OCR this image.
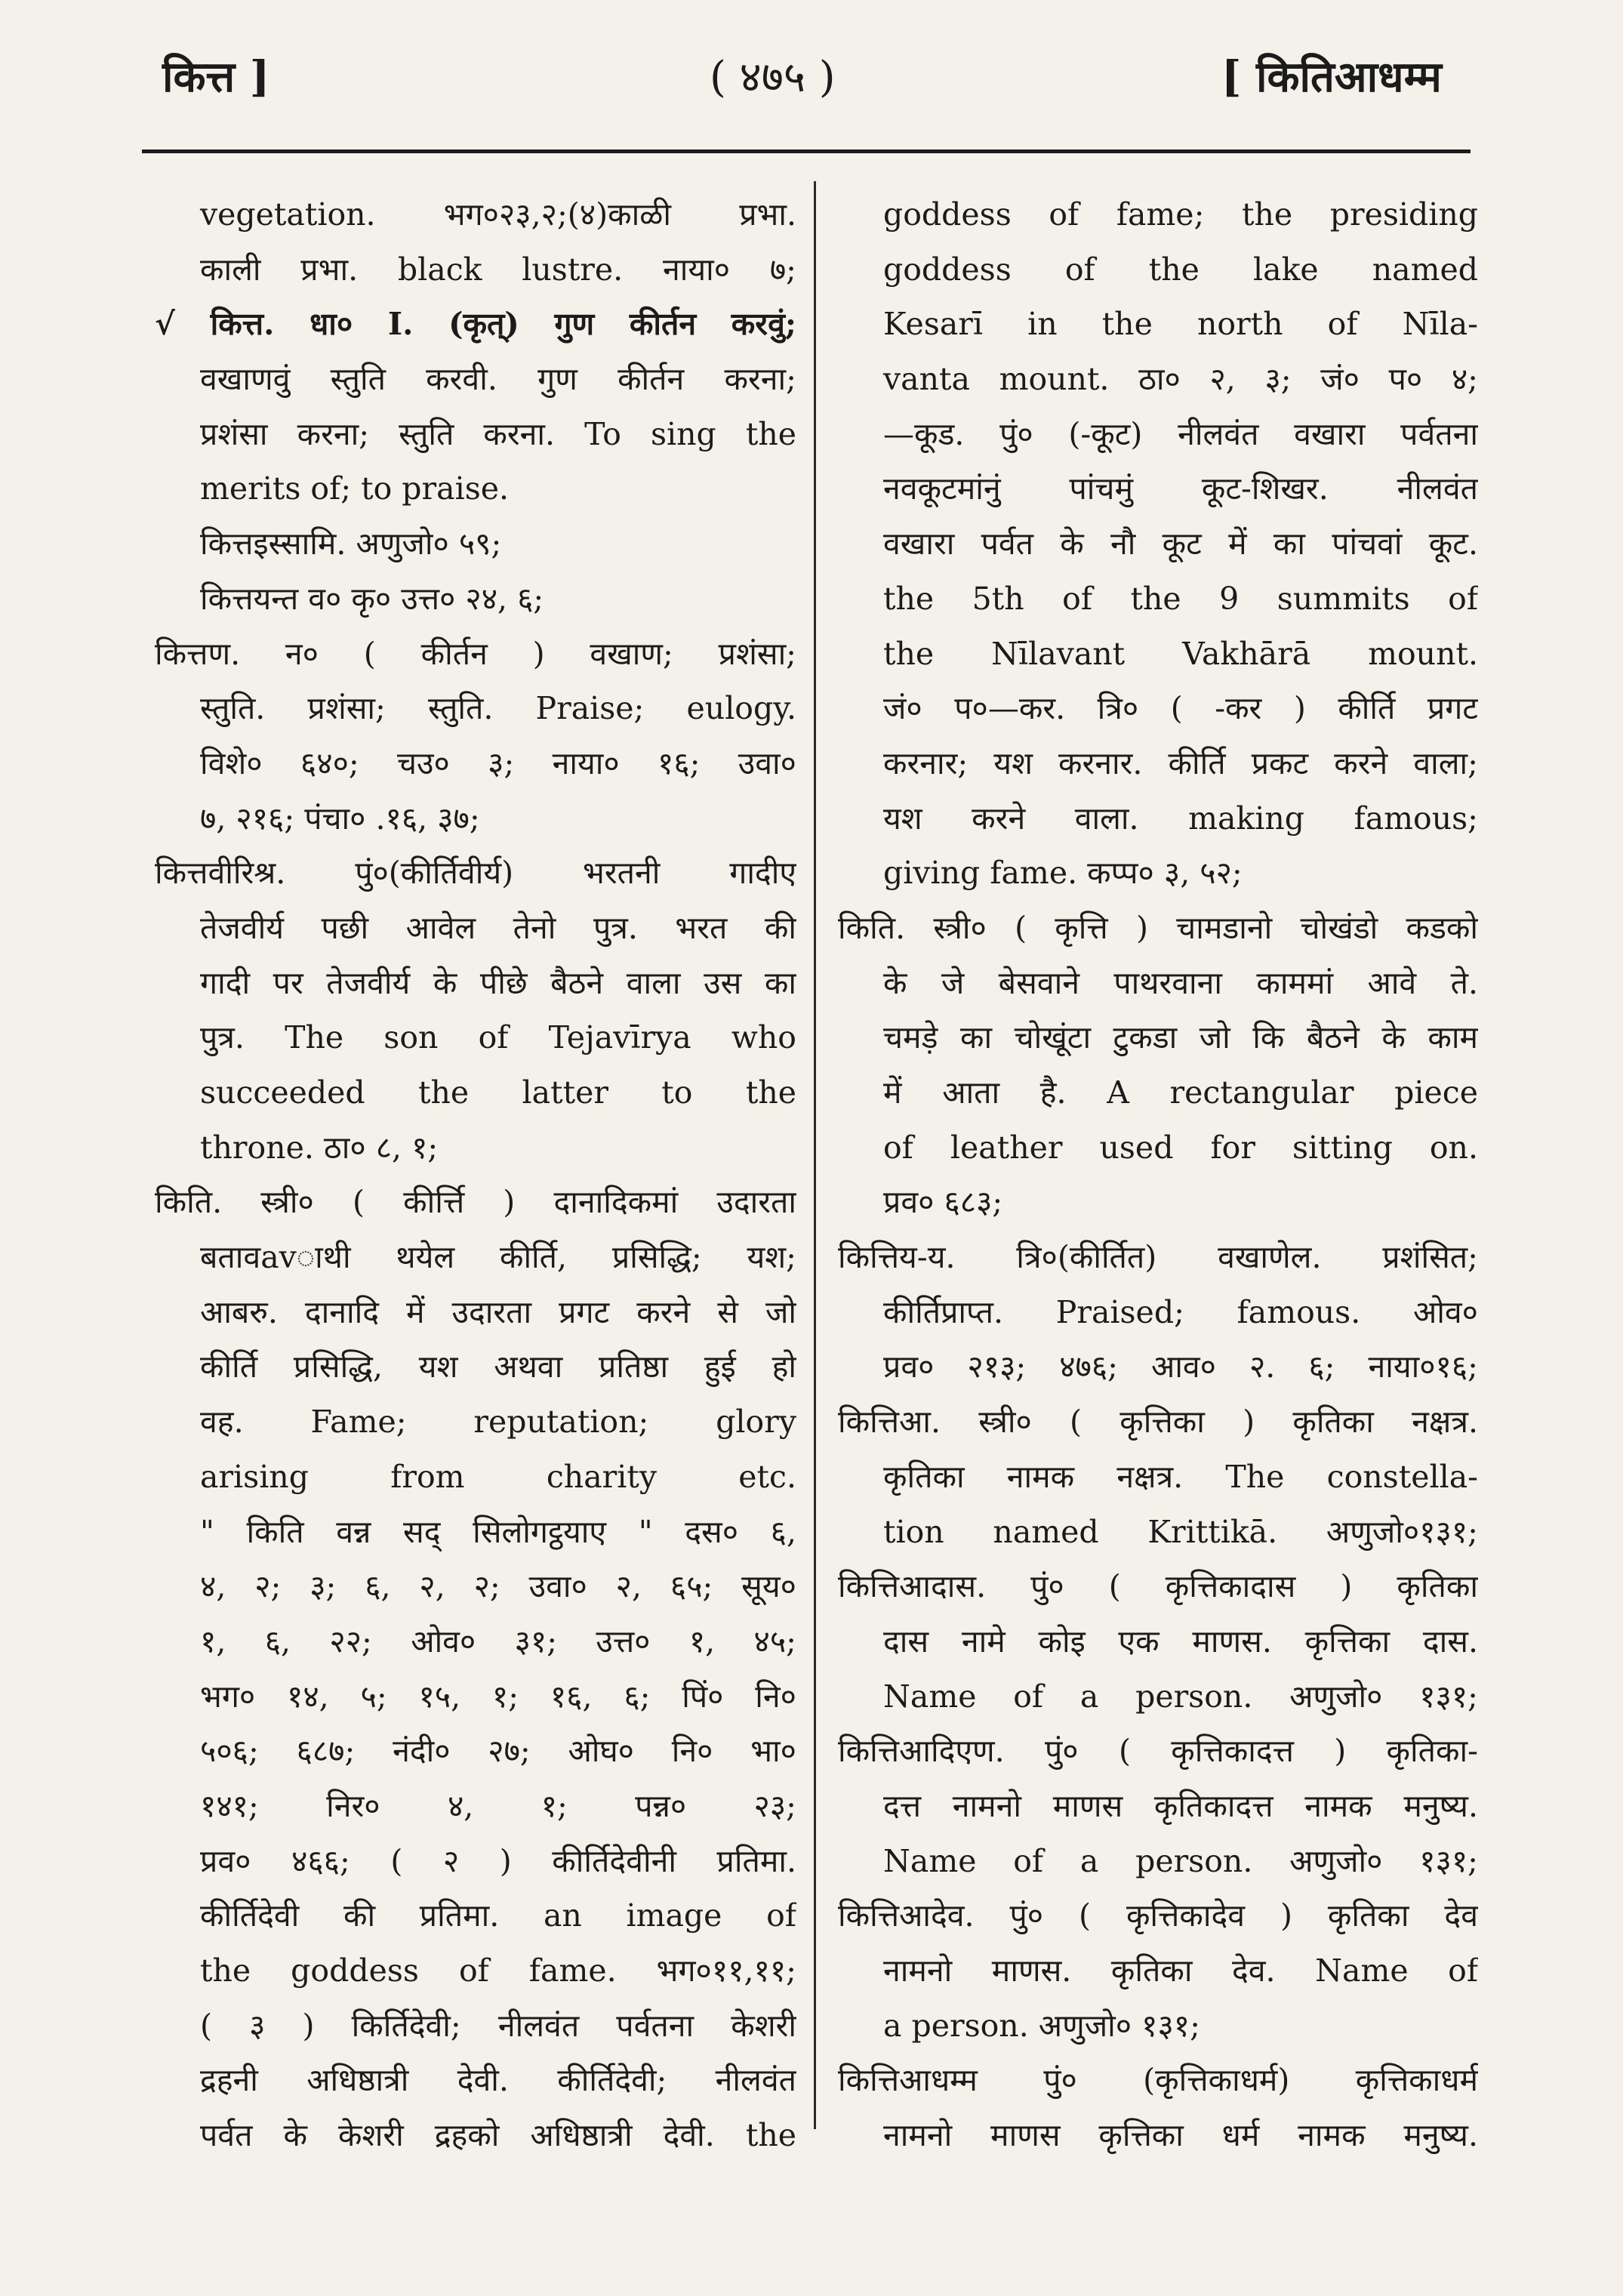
कित्त ]	( ४७५ )	[ किति‌आधम्म
vegetation. भग०२३,२;(४)काळी प्रभा.
काली प्रभा. black lustre. नाया० ७;
√ कित्त. धा० I. (कृत्) गुण कीर्तन करवुं;
वखाणवुं स्तुति करवी. गुण कीर्तन करना;
प्रशंसा करना; स्तुति करना. To sing the
merits of; to praise.
कित्तइस्सामि. अणुजो० ५९;
कित्तयन्त व० कृ० उत्त० २४, ६;
कित्तण. न० ( कीर्तन ) वखाण; प्रशंसा;
स्तुति. प्रशंसा; स्तुति. Praise; eulogy.
विशे० ६४०; चउ० ३; नाया० १६; उवा०
७, २१६; पंचा० .१६, ३७;
कित्तवीरिश्र. पुं०(कीर्तिवीर्य) भरतनी गादीए
तेजवीर्य पछी आवेल तेनो पुत्र. भरत की
गादी पर तेजवीर्य के पीछे बैठने वाला उस का
पुत्र. The son of Tejavīrya who
succeeded the latter to the
throne. ठा० ८, १;
किति. स्त्री० ( कीर्त्ति ) दानादिकमां उदारता
बतावavाथी थयेल कीर्ति, प्रसिद्धि; यश;
आबरु. दानादि में उदारता प्रगट करने से जो
कीर्ति प्रसिद्धि, यश अथवा प्रतिष्ठा हुई हो
वह. Fame; reputation; glory
arising from charity etc.
" किति वन्न सद् सिलोगट्ठयाए " दस० ६,
४, २; ३; ६, २, २; उवा० २, ६५; सूय०
१, ६, २२; ओव० ३१; उत्त० १, ४५;
भग० १४, ५; १५, १; १६, ६; पिं० नि०
५०६; ६८७; नंदी० २७; ओघ० नि० भा०
१४१; निर० ४, १; पन्न० २३;
प्रव० ४६६; ( २ ) कीर्तिदेवीनी प्रतिमा.
कीर्तिदेवी की प्रतिमा. an image of
the goddess of fame. भग०११,११;
( ३ ) किर्तिदेवी; नीलवंत पर्वतना केशरी
द्रहनी अधिष्ठात्री देवी. कीर्तिदेवी; नीलवंत
पर्वत के केशरी द्रहको अधिष्ठात्री देवी. the
goddess of fame; the presiding
goddess of the lake named
Kesarī in the north of Nīla-
vanta mount. ठा० २, ३; जं० प० ४;
—कूड. पुं० (-कूट) नीलवंत वखारा पर्वतना
नवकूटमांनुं पांचमुं कूट-शिखर. नीलवंत
वखारा पर्वत के नौ कूट में का पांचवां कूट.
the 5th of the 9 summits of
the Nīlavant Vakhārā mount.
जं० प०—कर. त्रि० ( -कर ) कीर्ति प्रगट
करनार; यश करनार. कीर्ति प्रकट करने वाला;
यश करने वाला. making famous;
giving fame. कप्प० ३, ५२;
किति. स्त्री० ( कृत्ति ) चामडानो चोखंडो कडको
के जे बेसवाने पाथरवाना काममां आवे ते.
चमड़े का चोखूंटा टुकडा जो कि बैठने के काम
में आता है. A rectangular piece
of leather used for sitting on.
प्रव० ६८३;
कित्तिय-य. त्रि०(कीर्तित) वखाणेल. प्रशंसित;
कीर्तिप्राप्त. Praised; famous. ओव०
प्रव० २१३; ४७६; आव० २. ६; नाया०१६;
कित्तिआ. स्त्री० ( कृत्तिका ) कृतिका नक्षत्र.
कृतिका नामक नक्षत्र. The constella-
tion named Krittikā. अणुजो०१३१;
कित्तिआदास. पुं० ( कृत्तिकादास ) कृतिका
दास नामे कोइ एक माणस. कृत्तिका दास.
Name of a person. अणुजो० १३१;
कित्तिआदिएण. पुं० ( कृत्तिकादत्त ) कृतिका-
दत्त नामनो माणस कृतिकादत्त नामक मनुष्य.
Name of a person. अणुजो० १३१;
कित्तिआदेव. पुं० ( कृत्तिकादेव ) कृतिका देव
नामनो माणस. कृतिका देव. Name of
a person. अणुजो० १३१;
कित्तिआधम्म पुं० (कृत्तिकाधर्म) कृत्तिकाधर्म
नामनो माणस कृत्तिका धर्म नामक मनुष्य.
